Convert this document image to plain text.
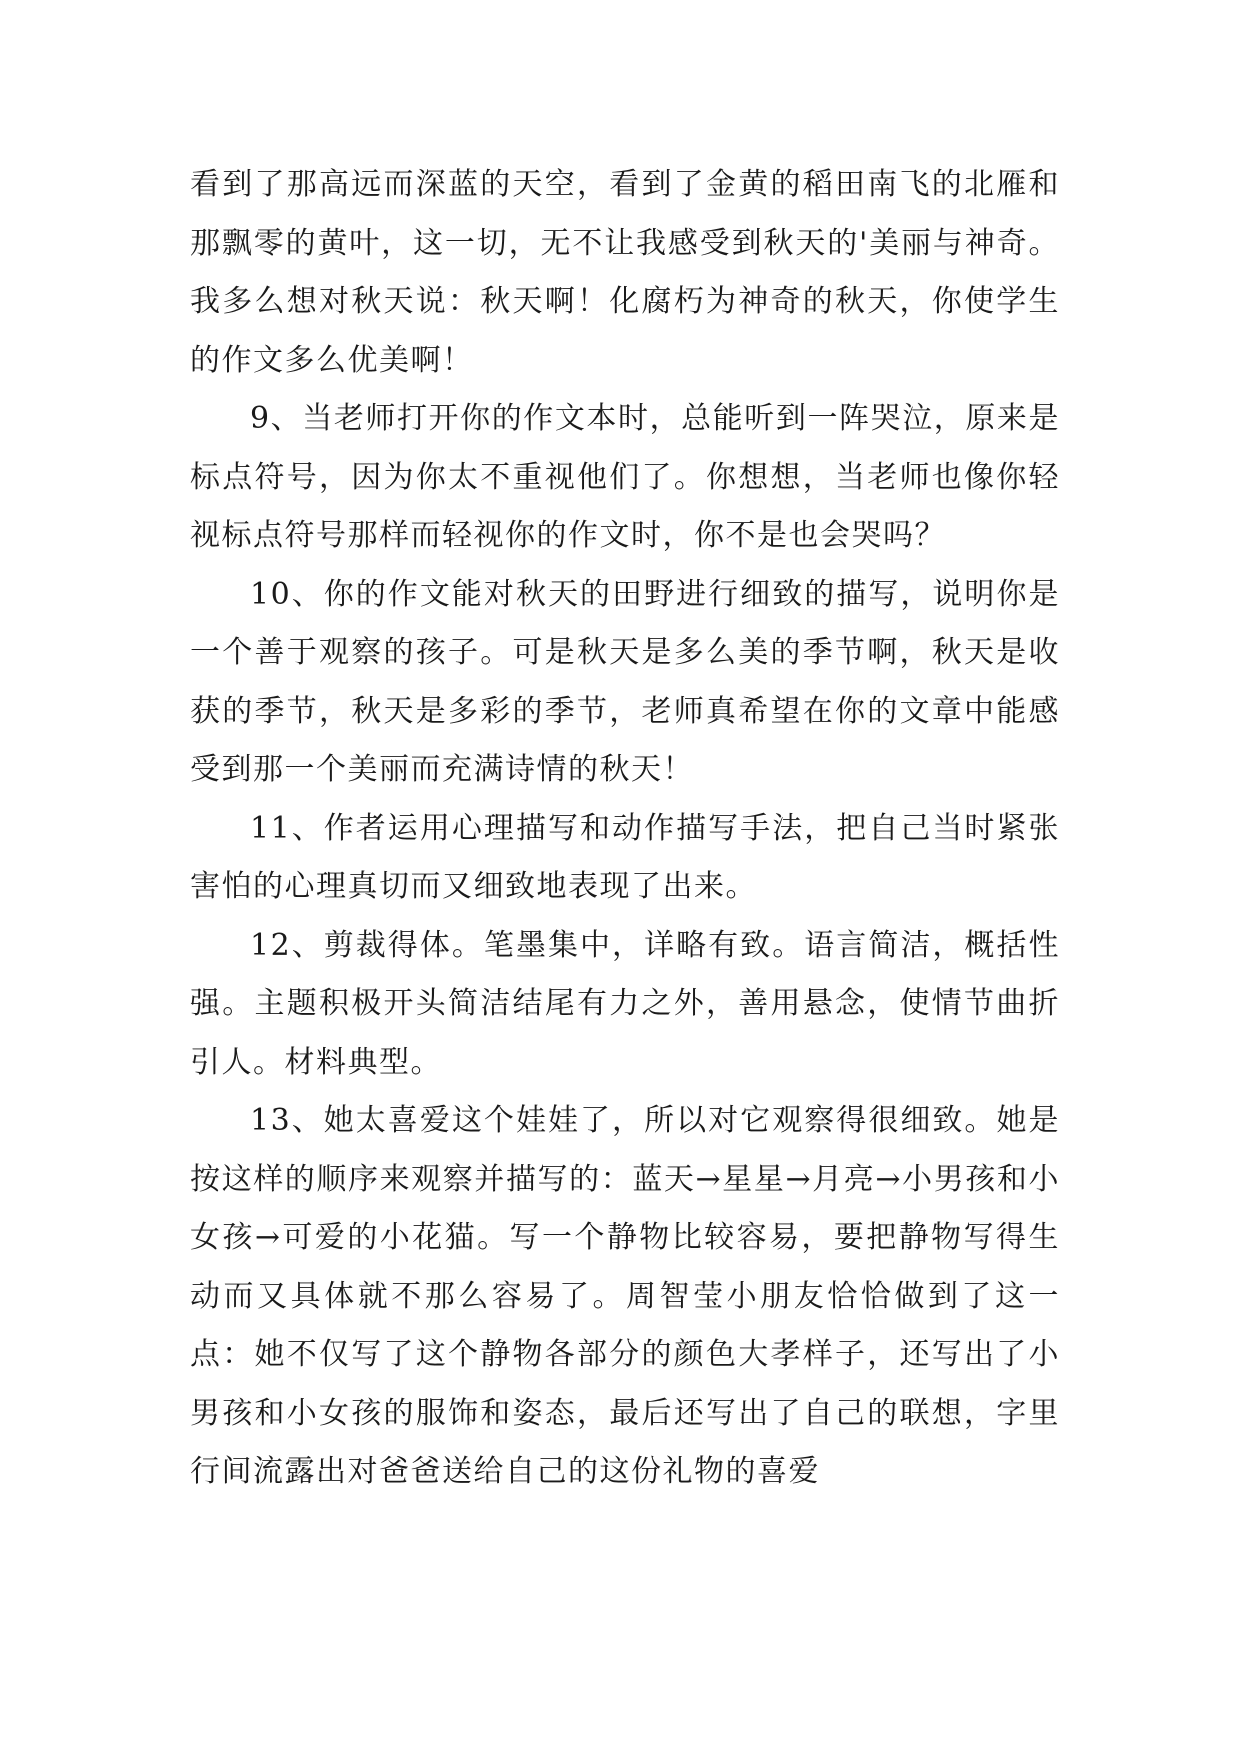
看到了那高远而深蓝的天空，看到了金黄的稻田南飞的北雁和那飘零的黄叶，这一切，无不让我感受到秋天的'美丽与神奇。我多么想对秋天说：秋天啊！化腐朽为神奇的秋天，你使学生的作文多么优美啊！

9、当老师打开你的作文本时，总能听到一阵哭泣，原来是标点符号，因为你太不重视他们了。你想想，当老师也像你轻视标点符号那样而轻视你的作文时，你不是也会哭吗？

10、你的作文能对秋天的田野进行细致的描写，说明你是一个善于观察的孩子。可是秋天是多么美的季节啊，秋天是收获的季节，秋天是多彩的季节，老师真希望在你的文章中能感受到那一个美丽而充满诗情的秋天！

11、作者运用心理描写和动作描写手法，把自己当时紧张害怕的心理真切而又细致地表现了出来。

12、剪裁得体。笔墨集中，详略有致。语言简洁，概括性强。主题积极开头简洁结尾有力之外，善用悬念，使情节曲折引人。材料典型。

13、她太喜爱这个娃娃了，所以对它观察得很细致。她是按这样的顺序来观察并描写的：蓝天→星星→月亮→小男孩和小女孩→可爱的小花猫。写一个静物比较容易，要把静物写得生动而又具体就不那么容易了。周智莹小朋友恰恰做到了这一点：她不仅写了这个静物各部分的颜色大孝样子，还写出了小男孩和小女孩的服饰和姿态，最后还写出了自己的联想，字里行间流露出对爸爸送给自己的这份礼物的喜爱
